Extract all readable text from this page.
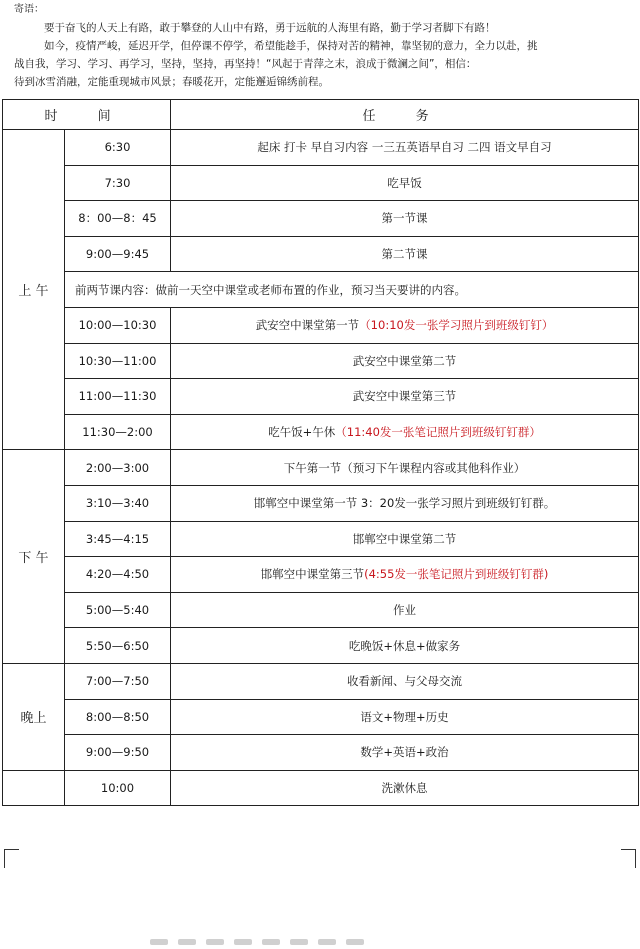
寄语：

要于奋飞的人天上有路，敢于攀登的人山中有路，勇于远航的人海里有路，勤于学习者脚下有路！

如今，疫情严峻，延迟开学，但停课不停学，希望能趁手，保持对苦的精神，靠坚韧的意力，全力以赴，挑

战自我，学习、学习、再学习，坚持，坚持，再坚持！“风起于青萍之末，浪成于微澜之间”，相信：

待到冰雪消融，定能重现城市风景；春暖花开，定能邂逅锦绣前程。

时 间		任 务
上 午	6:30	起床 打卡 早自习内容 一三五英语早自习 二四 语文早自习
	7:30	吃早饭
	8：00—8：45	第一节课
	9:00—9:45	第二节课
	前两节课内容：做前一天空中课堂或老师布置的作业，预习当天要讲的内容。	
	10:00—10:30	武安空中课堂第一节（10:10发一张学习照片到班级钉钉）
	10:30—11:00	武安空中课堂第二节
	11:00—11:30	武安空中课堂第三节
	11:30—2:00	吃午饭+午休（11:40发一张笔记照片到班级钉钉群）
下 午	2:00—3:00	下午第一节（预习下午课程内容或其他科作业）
	3:10—3:40	邯郸空中课堂第一节 3：20发一张学习照片到班级钉钉群。
	3:45—4:15	邯郸空中课堂第二节
	4:20—4:50	邯郸空中课堂第三节(4:55发一张笔记照片到班级钉钉群)
	5:00—5:40	作业
	5:50—6:50	吃晚饭+休息+做家务
晚上	7:00—7:50	收看新闻、与父母交流
	8:00—8:50	语文+物理+历史
	9:00—9:50	数学+英语+政治
	10:00	洗漱休息
